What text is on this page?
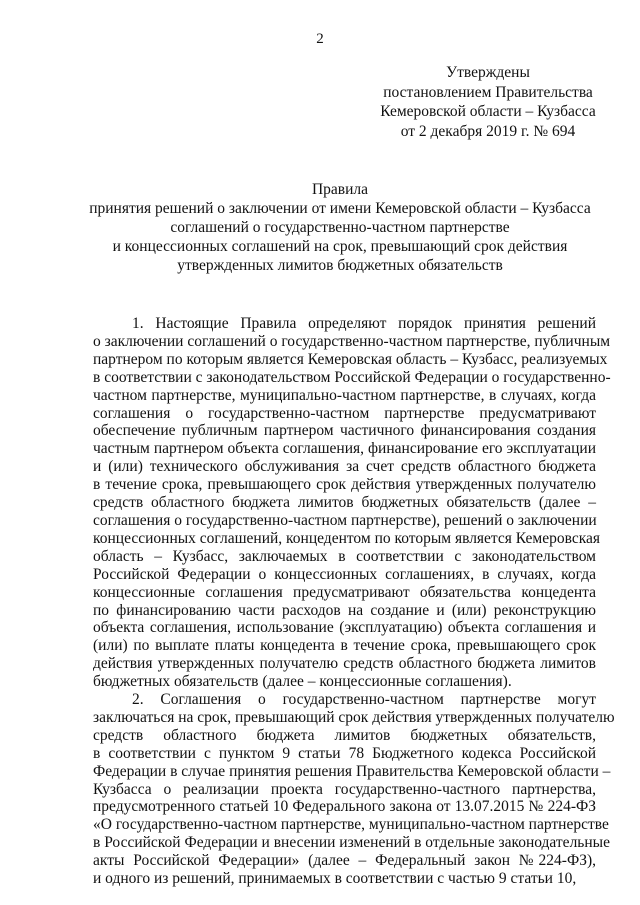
2
Утверждены
постановлением Правительства
Кемеровской области – Кузбасса
от 2 декабря 2019 г. № 694
Правила
принятия решений о заключении от имени Кемеровской области – Кузбасса
соглашений о государственно-частном партнерстве
и концессионных соглашений на срок, превышающий срок действия
утвержденных лимитов бюджетных обязательств
1. Настоящие Правила определяют порядок принятия решений
о заключении соглашений о государственно-частном партнерстве, публичным
партнером по которым является Кемеровская область – Кузбасс, реализуемых
в соответствии с законодательством Российской Федерации о государственно-
частном партнерстве, муниципально-частном партнерстве, в случаях, когда
соглашения о государственно-частном партнерстве предусматривают
обеспечение публичным партнером частичного финансирования создания
частным партнером объекта соглашения, финансирование его эксплуатации
и (или) технического обслуживания за счет средств областного бюджета
в течение срока, превышающего срок действия утвержденных получателю
средств областного бюджета лимитов бюджетных обязательств (далее –
соглашения о государственно-частном партнерстве), решений о заключении
концессионных соглашений, концедентом по которым является Кемеровская
область – Кузбасс, заключаемых в соответствии с законодательством
Российской Федерации о концессионных соглашениях, в случаях, когда
концессионные соглашения предусматривают обязательства концедента
по финансированию части расходов на создание и (или) реконструкцию
объекта соглашения, использование (эксплуатацию) объекта соглашения и
(или) по выплате платы концедента в течение срока, превышающего срок
действия утвержденных получателю средств областного бюджета лимитов
бюджетных обязательств (далее – концессионные соглашения).
2. Соглашения о государственно-частном партнерстве могут
заключаться на срок, превышающий срок действия утвержденных получателю
средств областного бюджета лимитов бюджетных обязательств,
в соответствии с пунктом 9 статьи 78 Бюджетного кодекса Российской
Федерации в случае принятия решения Правительства Кемеровской области –
Кузбасса о реализации проекта государственно-частного партнерства,
предусмотренного статьей 10 Федерального закона от 13.07.2015 № 224-ФЗ
«О государственно-частном партнерстве, муниципально-частном партнерстве
в Российской Федерации и внесении изменений в отдельные законодательные
акты Российской Федерации» (далее – Федеральный закон №224-ФЗ),
и одного из решений, принимаемых в соответствии с частью 9 статьи 10,
